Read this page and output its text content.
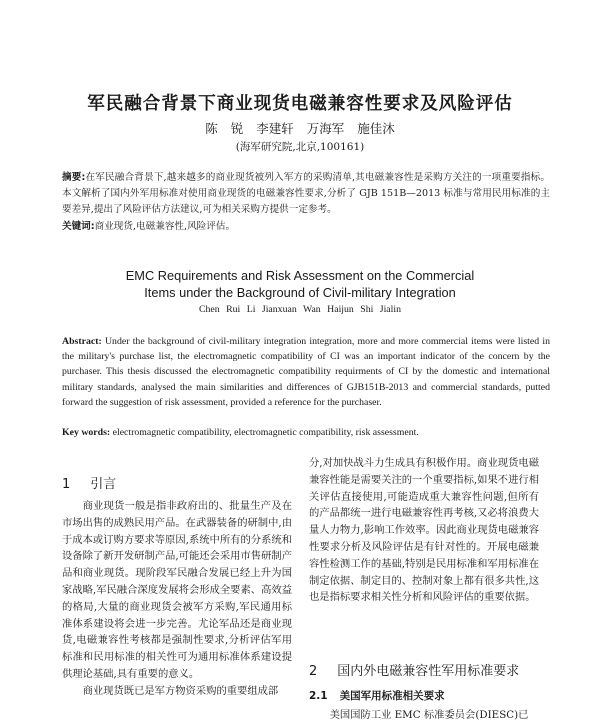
军民融合背景下商业现货电磁兼容性要求及风险评估
陈 锐 李建轩 万海军 施佳沐
(海军研究院,北京,100161)
摘要:在军民融合背景下,越来越多的商业现货被列入军方的采购清单,其电磁兼容性是采购方关注的一项重要指标。本文解析了国内外军用标准对使用商业现货的电磁兼容性要求,分析了 GJB 151B—2013 标准与常用民用标准的主要差异,提出了风险评估方法建议,可为相关采购方提供一定参考。
关键词:商业现货,电磁兼容性,风险评估。
EMC Requirements and Risk Assessment on the Commercial
Items under the Background of Civil-military Integration
Chen Rui Li Jianxuan Wan Haijun Shi Jialin
Abstract: Under the background of civil-military integration integration, more and more commercial items were listed in the military's purchase list, the electromagnetic compatibility of CI was an important indicator of the concern by the purchaser. This thesis discussed the electromagnetic compatibility requirments of CI by the domestic and international military standards, analysed the main similarities and differences of GJB151B-2013 and commercial standards, putted forward the suggestion of risk assessment, provided a reference for the purchaser.
Key words: electromagnetic compatibility, electromagnetic compatibility, risk assessment.
1 引言

商业现货一般是指非政府出的、批量生产及在市场出售的成熟民用产品。在武器装备的研制中,由于成本或订购方要求等原因,系统中所有的分系统和设备除了新开发研制产品,可能还会采用市售研制产品和商业现货。现阶段军民融合发展已经上升为国家战略,军民融合深度发展将会形成全要素、高效益的格局,大量的商业现货会被军方采购,军民通用标准体系建设将会进一步完善。尤论军品还是商业现货,电磁兼容性考核都是强制性要求,分析评估军用标准和民用标准的相关性可为通用标准体系建设提供理论基础,具有重要的意义。

商业现货既已是军方物资采购的重要组成部

分,对加快战斗力生成具有积极作用。商业现货电磁兼容性能是需要关注的一个重要指标,如果不进行相关评估直接使用,可能造成重大兼容性问题,但所有的产品都统一进行电磁兼容性再考核,又必将浪费大量人力物力,影响工作效率。因此商业现货电磁兼容性要求分析及风险评估是有针对性的。开展电磁兼容性检测工作的基础,特别是民用标准和军用标准在制定依据、制定目的、控制对象上都有很多共性,这也是指标要求相关性分析和风险评估的重要依据。

2 国内外电磁兼容性军用标准要求
2.1 美国军用标准相关要求

美国国防工业 EMC 标准委员会(DIESC)已
